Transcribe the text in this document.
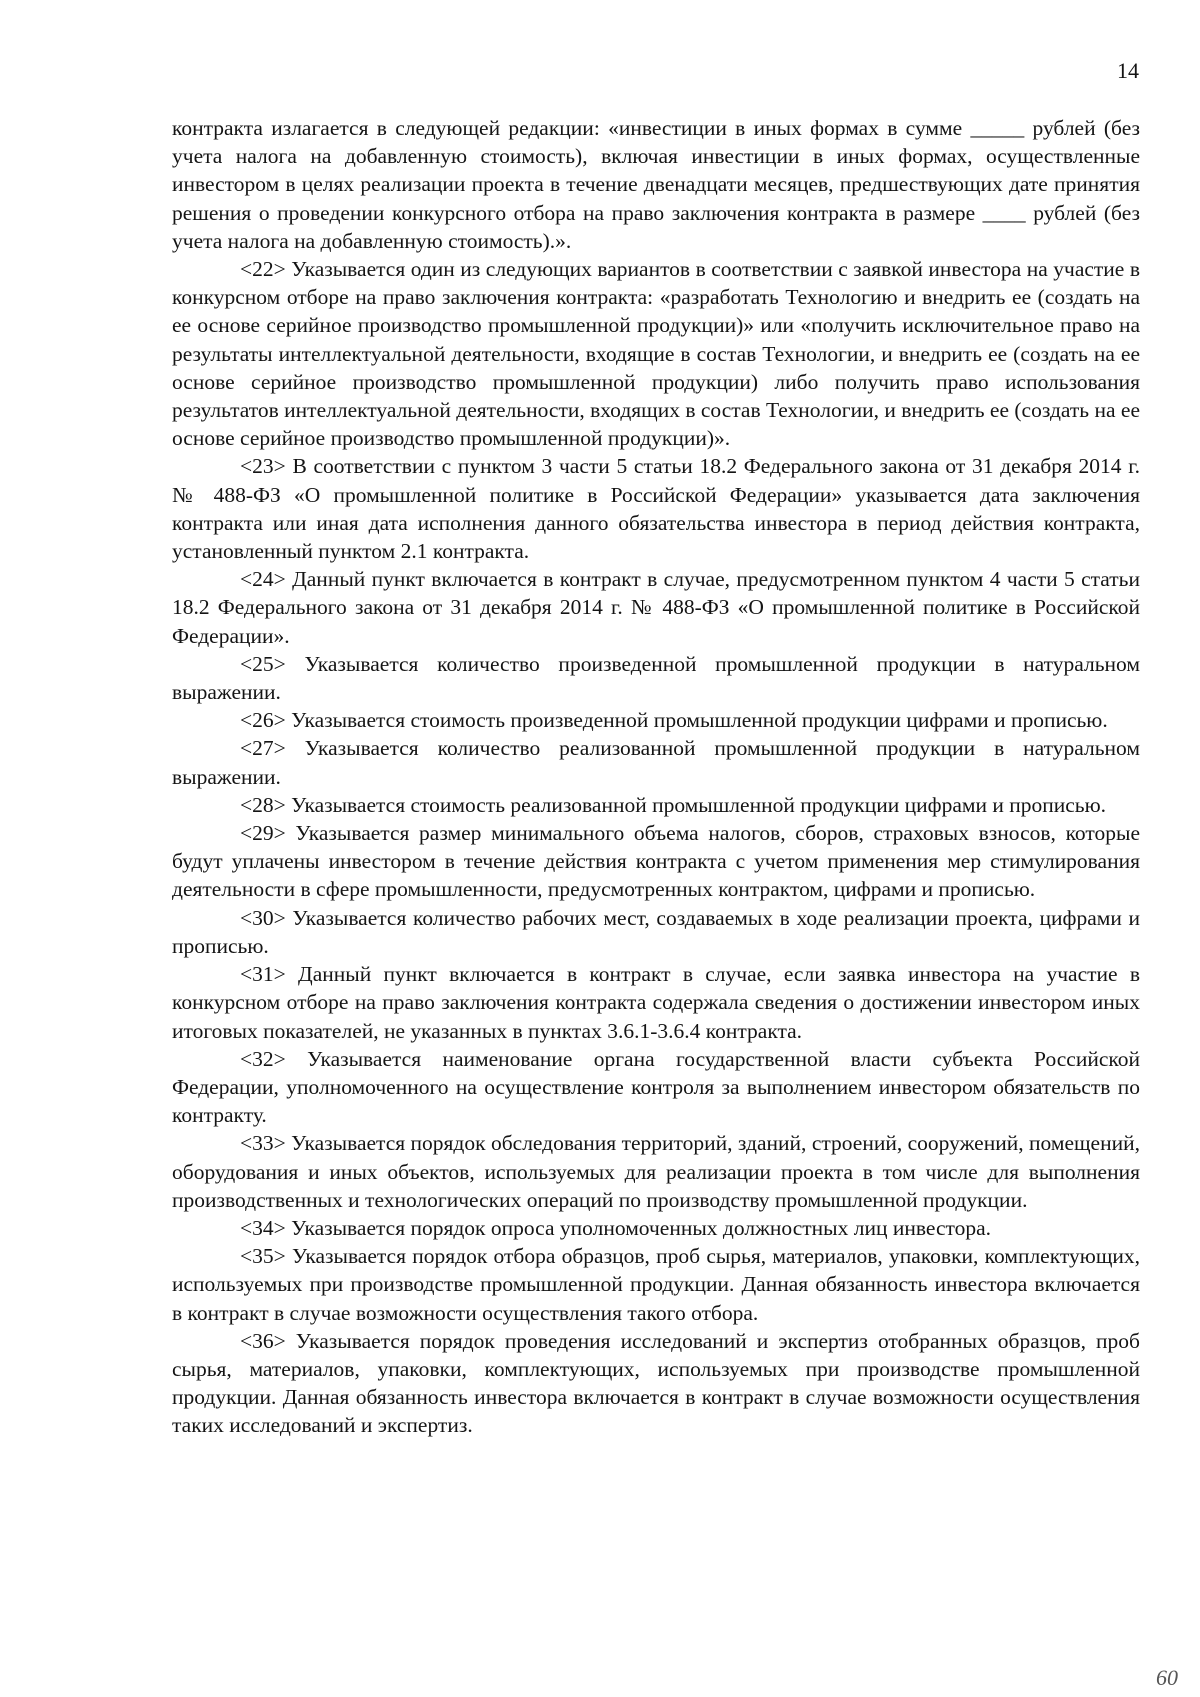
14

контракта излагается в следующей редакции: «инвестиции в иных формах в сумме _____ рублей (без учета налога на добавленную стоимость), включая инвестиции в иных формах, осуществленные инвестором в целях реализации проекта в течение двенадцати месяцев, предшествующих дате принятия решения о проведении конкурсного отбора на право заключения контракта в размере ____ рублей (без учета налога на добавленную стоимость).».

<22> Указывается один из следующих вариантов в соответствии с заявкой инвестора на участие в конкурсном отборе на право заключения контракта: «разработать Технологию и внедрить ее (создать на ее основе серийное производство промышленной продукции)» или «получить исключительное право на результаты интеллектуальной деятельности, входящие в состав Технологии, и внедрить ее (создать на ее основе серийное производство промышленной продукции) либо получить право использования результатов интеллектуальной деятельности, входящих в состав Технологии, и внедрить ее (создать на ее основе серийное производство промышленной продукции)».

<23> В соответствии с пунктом 3 части 5 статьи 18.2 Федерального закона от 31 декабря 2014 г. № 488-ФЗ «О промышленной политике в Российской Федерации» указывается дата заключения контракта или иная дата исполнения данного обязательства инвестора в период действия контракта, установленный пунктом 2.1 контракта.

<24> Данный пункт включается в контракт в случае, предусмотренном пунктом 4 части 5 статьи 18.2 Федерального закона от 31 декабря 2014 г. № 488-ФЗ «О промышленной политике в Российской Федерации».

<25> Указывается количество произведенной промышленной продукции в натуральном выражении.

<26> Указывается стоимость произведенной промышленной продукции цифрами и прописью.

<27> Указывается количество реализованной промышленной продукции в натуральном выражении.

<28> Указывается стоимость реализованной промышленной продукции цифрами и прописью.

<29> Указывается размер минимального объема налогов, сборов, страховых взносов, которые будут уплачены инвестором в течение действия контракта с учетом применения мер стимулирования деятельности в сфере промышленности, предусмотренных контрактом, цифрами и прописью.

<30> Указывается количество рабочих мест, создаваемых в ходе реализации проекта, цифрами и прописью.

<31> Данный пункт включается в контракт в случае, если заявка инвестора на участие в конкурсном отборе на право заключения контракта содержала сведения о достижении инвестором иных итоговых показателей, не указанных в пунктах 3.6.1-3.6.4 контракта.

<32> Указывается наименование органа государственной власти субъекта Российской Федерации, уполномоченного на осуществление контроля за выполнением инвестором обязательств по контракту.

<33> Указывается порядок обследования территорий, зданий, строений, сооружений, помещений, оборудования и иных объектов, используемых для реализации проекта в том числе для выполнения производственных и технологических операций по производству промышленной продукции.

<34> Указывается порядок опроса уполномоченных должностных лиц инвестора.

<35> Указывается порядок отбора образцов, проб сырья, материалов, упаковки, комплектующих, используемых при производстве промышленной продукции. Данная обязанность инвестора включается в контракт в случае возможности осуществления такого отбора.

<36> Указывается порядок проведения исследований и экспертиз отобранных образцов, проб сырья, материалов, упаковки, комплектующих, используемых при производстве промышленной продукции. Данная обязанность инвестора включается в контракт в случае возможности осуществления таких исследований и экспертиз.

60
